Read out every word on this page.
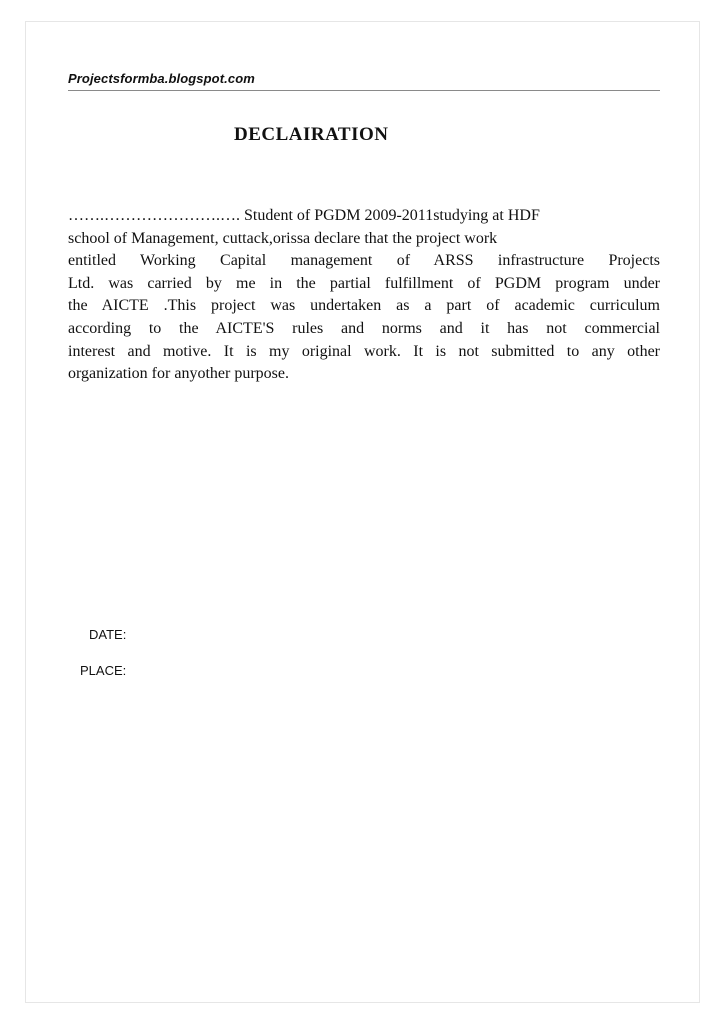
Projectsformba.blogspot.com
DECLAIRATION
…….………………….…. Student of PGDM 2009-2011studying at HDF
school of Management, cuttack,orissa declare that the project work
entitled Working Capital management of ARSS infrastructure Projects
Ltd. was carried by me in the partial fulfillment of PGDM program under
the AICTE .This project was undertaken as a part of academic curriculum
according to the AICTE'S rules and norms and it has not commercial
interest and motive. It is my original work. It is not submitted to any other
organization for anyother purpose.
DATE:
PLACE:
